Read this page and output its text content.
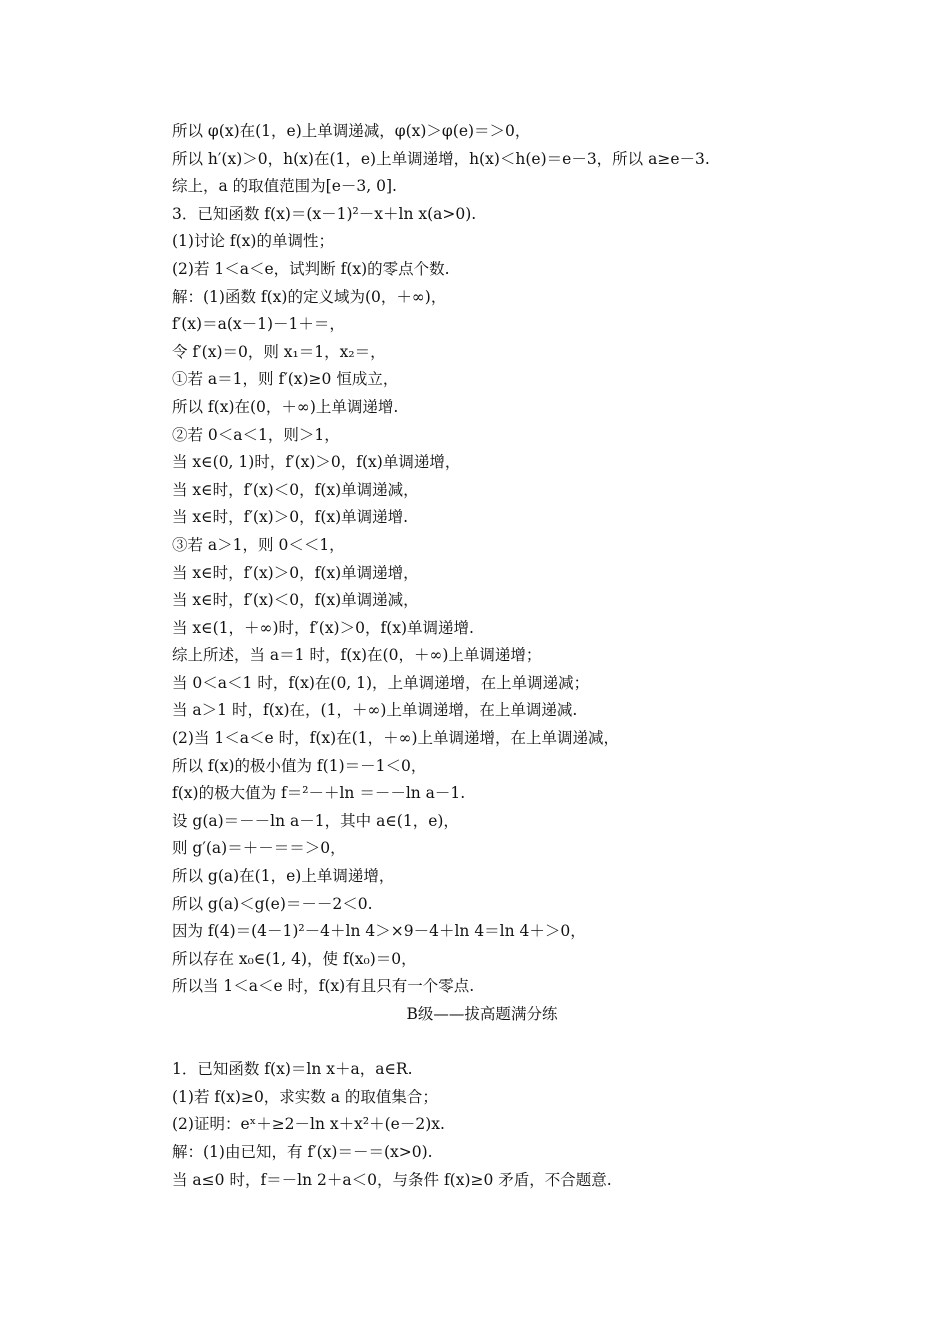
所以 φ(x)在(1，e)上单调递减，φ(x)＞φ(e)＝＞0，
所以 h′(x)＞0，h(x)在(1，e)上单调递增，h(x)＜h(e)＝e－3，所以 a≥e－3.
综上，a 的取值范围为[e－3, 0].
3．已知函数 f(x)＝(x－1)²－x＋ln x(a>0).
(1)讨论 f(x)的单调性；
(2)若 1＜a＜e，试判断 f(x)的零点个数.
解：(1)函数 f(x)的定义域为(0，＋∞)，
f′(x)＝a(x－1)－1＋＝，
令 f′(x)＝0，则 x₁＝1，x₂＝，
①若 a＝1，则 f′(x)≥0 恒成立，
所以 f(x)在(0，＋∞)上单调递增.
②若 0＜a＜1，则＞1，
当 x∈(0, 1)时，f′(x)＞0，f(x)单调递增，
当 x∈时，f′(x)＜0，f(x)单调递减，
当 x∈时，f′(x)＞0，f(x)单调递增.
③若 a＞1，则 0＜＜1，
当 x∈时，f′(x)＞0，f(x)单调递增，
当 x∈时，f′(x)＜0，f(x)单调递减，
当 x∈(1，＋∞)时，f′(x)＞0，f(x)单调递增.
综上所述，当 a＝1 时，f(x)在(0，＋∞)上单调递增；
当 0＜a＜1 时，f(x)在(0, 1)，上单调递增，在上单调递减；
当 a＞1 时，f(x)在，(1，＋∞)上单调递增，在上单调递减.
(2)当 1＜a＜e 时，f(x)在(1，＋∞)上单调递增，在上单调递减，
所以 f(x)的极小值为 f(1)＝－1＜0，
f(x)的极大值为 f＝²－＋ln ＝－－ln a－1.
设 g(a)＝－－ln a－1，其中 a∈(1，e)，
则 g′(a)＝＋－＝＝＞0，
所以 g(a)在(1，e)上单调递增，
所以 g(a)＜g(e)＝－－2＜0.
因为 f(4)＝(4－1)²－4＋ln 4＞×9－4＋ln 4＝ln 4＋＞0，
所以存在 x₀∈(1, 4)，使 f(x₀)＝0，
所以当 1＜a＜e 时，f(x)有且只有一个零点.
B级——拔高题满分练
1．已知函数 f(x)＝ln x＋a，a∈R.
(1)若 f(x)≥0，求实数 a 的取值集合；
(2)证明：eˣ＋≥2－ln x＋x²＋(e－2)x.
解：(1)由已知，有 f′(x)＝－＝(x>0).
当 a≤0 时，f＝－ln 2＋a＜0，与条件 f(x)≥0 矛盾，不合题意.
